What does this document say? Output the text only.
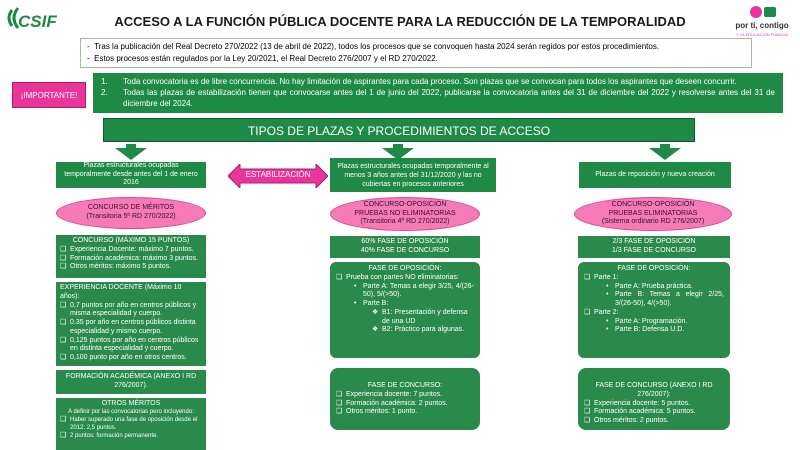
CSIF	por ti, contigo
Y LA EDUCACIÓN PÚBLICA
ACCESO A LA FUNCIÓN PÚBLICA DOCENTE PARA LA REDUCCIÓN DE LA TEMPORALIDAD
-  Tras la publicación del Real Decreto 270/2022 (13 de abril de 2022), todos los procesos que se convoquen hasta 2024 serán regidos por estos procedimientos.
-  Estos procesos están regulados por la Ley 20/2021, el Real Decreto 276/2007 y el RD 270/2022.
¡IMPORTANTE!
1.	Toda convocatoria es de libre concurrencia. No hay limitación de aspirantes para cada proceso. Son plazas que se convocan para todos los aspirantes que deseen concurrir.
2.	Todas las plazas de estabilización tienen que convocarse antes del 1 de junio del 2022, publicarse la convocatoria antes del 31 de diciembre del 2022 y resolverse antes del 31 de diciembre del 2024.
TIPOS DE PLAZAS Y PROCEDIMIENTOS DE ACCESO
Plazas estructurales ocupadas temporalmente desde antes del 1 de enero 2016
ESTABILIZACIÓN
Plazas estructurales ocupadas temporalmente al menos 3 años antes del 31/12/2020 y las no cubiertas en procesos anteriores
Plazas de reposición y nueva creación
CONCURSO DE MÉRITOS
(Transitoria 5ª RD 270/2022)
CONCURSO-OPOSICIÓN
PRUEBAS NO ELIMINATORIAS
(Transitoria 4ª RD 270/2022)
CONCURSO-OPOSICIÓN
PRUEBAS ELIMINATORIAS
(Sistema ordinario RD 276/2007)
CONCURSO (MÁXIMO 15 PUNTOS)
❑ Experiencia Docente: máximo 7 puntos.
❑ Formación académica: máximo 3 puntos.
❑ Otros méritos: máximo 5 puntos.
EXPERIENCIA DOCENTE (Máximo 10 años):
❑ 0,7 puntos por año en centros públicos y misma especialidad y cuerpo.
❑ 0.35 por año en centros públicos distinta especialidad y mismo cuerpo.
❑ 0,125 puntos por año en centros públicos en distinta especialidad y cuerpo.
❑ 0,100 punto por año en otros centros.
FORMACIÓN ACADÉMICA (ANEXO I RD 276/2007).
OTROS MÉRITOS
A definir por las convocatorias pero incluyendo:
❑ Haber superado una fase de oposición desde el 2012: 2,5 puntos.
❑ 2 puntos: formación permanente.
60% FASE DE OPOSICIÓN
40% FASE DE CONCURSO
FASE DE OPOSICIÓN:
❑ Prueba con partes NO eliminatorias:
• Parte A: Temas a elegir 3/25, 4/(26-50), 5/(>50).
• Parte B:
❖ B1: Presentación y defensa de una UD
❖ B2: Práctico para algunas.
FASE DE CONCURSO:
❑ Experiencia docente: 7 puntos.
❑ Formación académica: 2 puntos.
❑ Otros méritos: 1 punto.
2/3 FASE DE OPOSICIÓN
1/3 FASE DE CONCURSO
FASE DE OPOSICIÓN:
❑ Parte 1:
• Parte A: Prueba práctica.
• Parte B: Temas a elegir 2/25, 3/(26-50), 4/(>50).
❑ Parte 2:
• Parte A: Programación.
• Parte B: Defensa U.D.
FASE DE CONCURSO (ANEXO I RD 276/2007):
❑ Experiencia docente: 5 puntos.
❑ Formación académica: 5 puntos.
❑ Otros méritos: 2 puntos.
